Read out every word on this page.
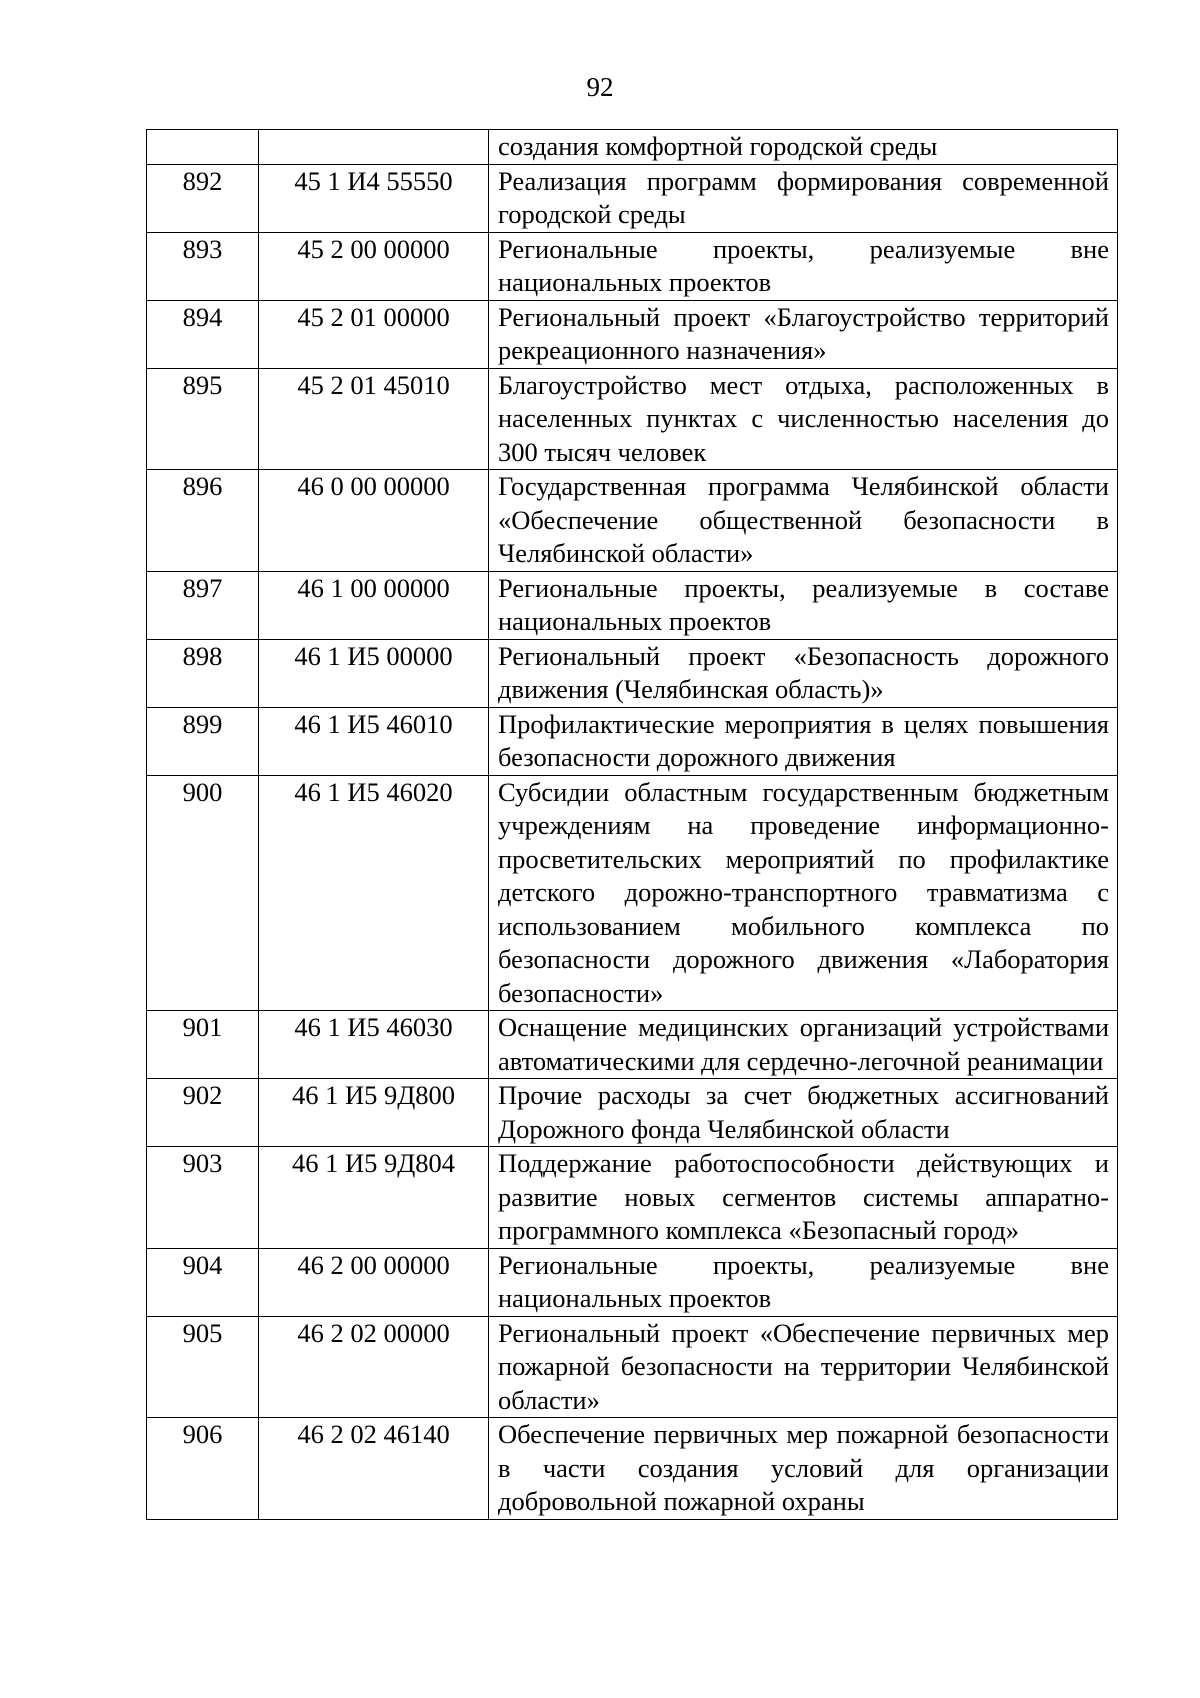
92
		создания комфортной городской среды
892	45 1 И4 55550	Реализация программ формирования современной городской среды
893	45 2 00 00000	Региональные проекты, реализуемые вне национальных проектов
894	45 2 01 00000	Региональный проект «Благоустройство территорий рекреационного назначения»
895	45 2 01 45010	Благоустройство мест отдыха, расположенных в населенных пунктах с численностью населения до 300 тысяч человек
896	46 0 00 00000	Государственная программа Челябинской области «Обеспечение общественной безопасности в Челябинской области»
897	46 1 00 00000	Региональные проекты, реализуемые в составе национальных проектов
898	46 1 И5 00000	Региональный проект «Безопасность дорожного движения (Челябинская область)»
899	46 1 И5 46010	Профилактические мероприятия в целях повышения безопасности дорожного движения
900	46 1 И5 46020	Субсидии областным государственным бюджетным учреждениям на проведение информационно-просветительских мероприятий по профилактике детского дорожно-транспортного травматизма с использованием мобильного комплекса по безопасности дорожного движения «Лаборатория безопасности»
901	46 1 И5 46030	Оснащение медицинских организаций устройствами автоматическими для сердечно-легочной реанимации
902	46 1 И5 9Д800	Прочие расходы за счет бюджетных ассигнований Дорожного фонда Челябинской области
903	46 1 И5 9Д804	Поддержание работоспособности действующих и развитие новых сегментов системы аппаратно-программного комплекса «Безопасный город»
904	46 2 00 00000	Региональные проекты, реализуемые вне национальных проектов
905	46 2 02 00000	Региональный проект «Обеспечение первичных мер пожарной безопасности на территории Челябинской области»
906	46 2 02 46140	Обеспечение первичных мер пожарной безопасности в части создания условий для организации добровольной пожарной охраны
